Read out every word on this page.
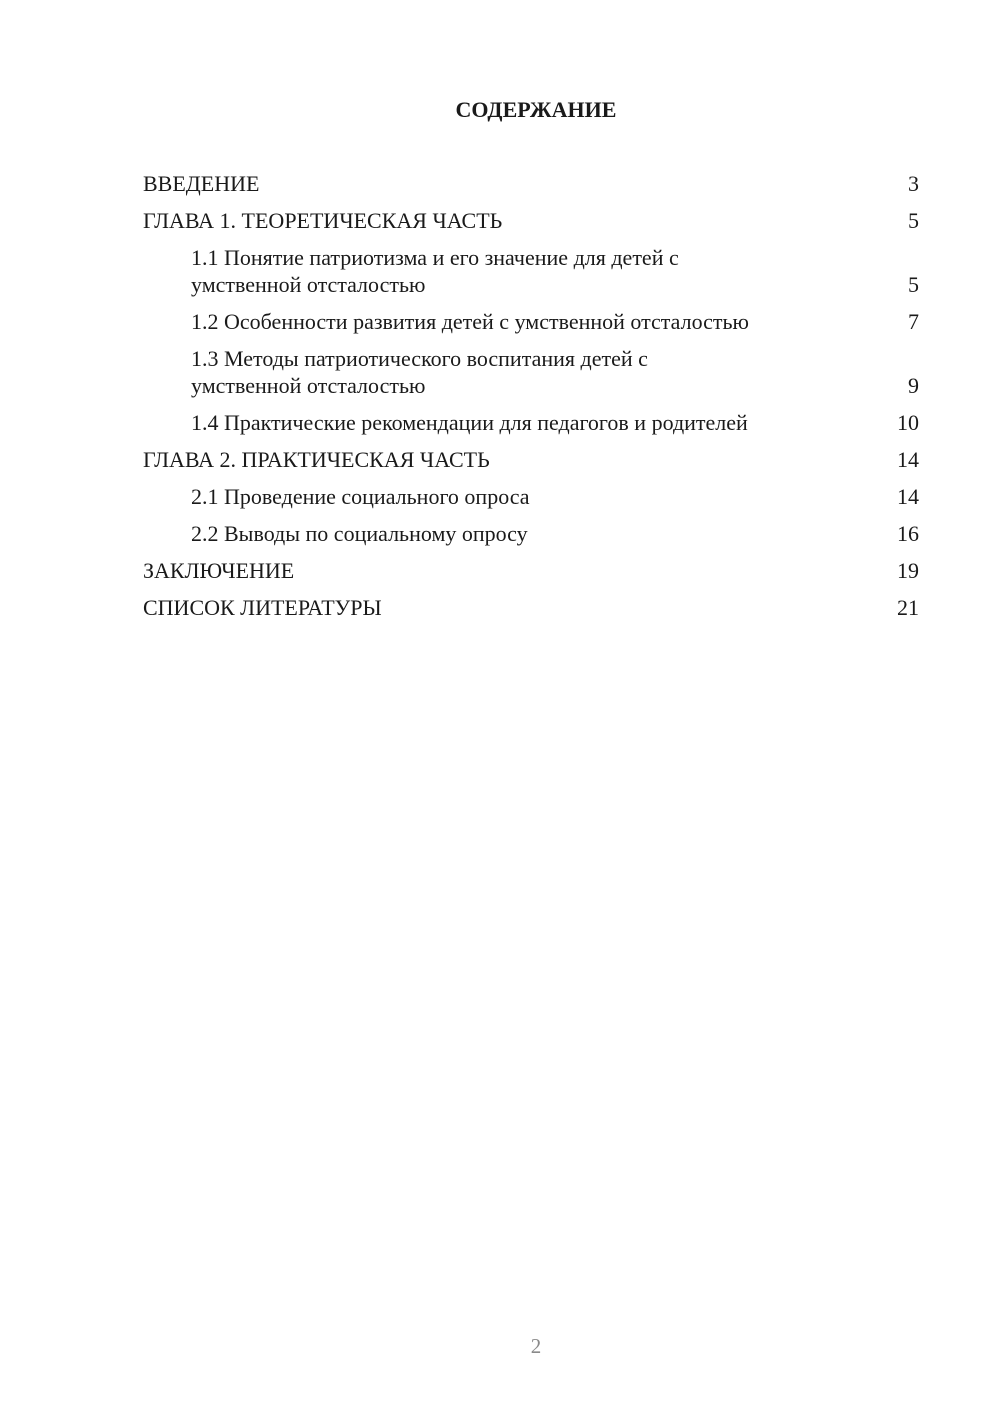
СОДЕРЖАНИЕ
ВВЕДЕНИЕ	3
ГЛАВА 1. ТЕОРЕТИЧЕСКАЯ ЧАСТЬ	5
1.1 Понятие патриотизма и его значение для детей с умственной отсталостью	5
1.2 Особенности развития детей с умственной отсталостью	7
1.3 Методы патриотического воспитания детей с умственной отсталостью	9
1.4 Практические рекомендации для педагогов и родителей	10
ГЛАВА 2. ПРАКТИЧЕСКАЯ ЧАСТЬ	14
2.1 Проведение социального опроса	14
2.2 Выводы по социальному опросу	16
ЗАКЛЮЧЕНИЕ	19
СПИСОК ЛИТЕРАТУРЫ	21
2
